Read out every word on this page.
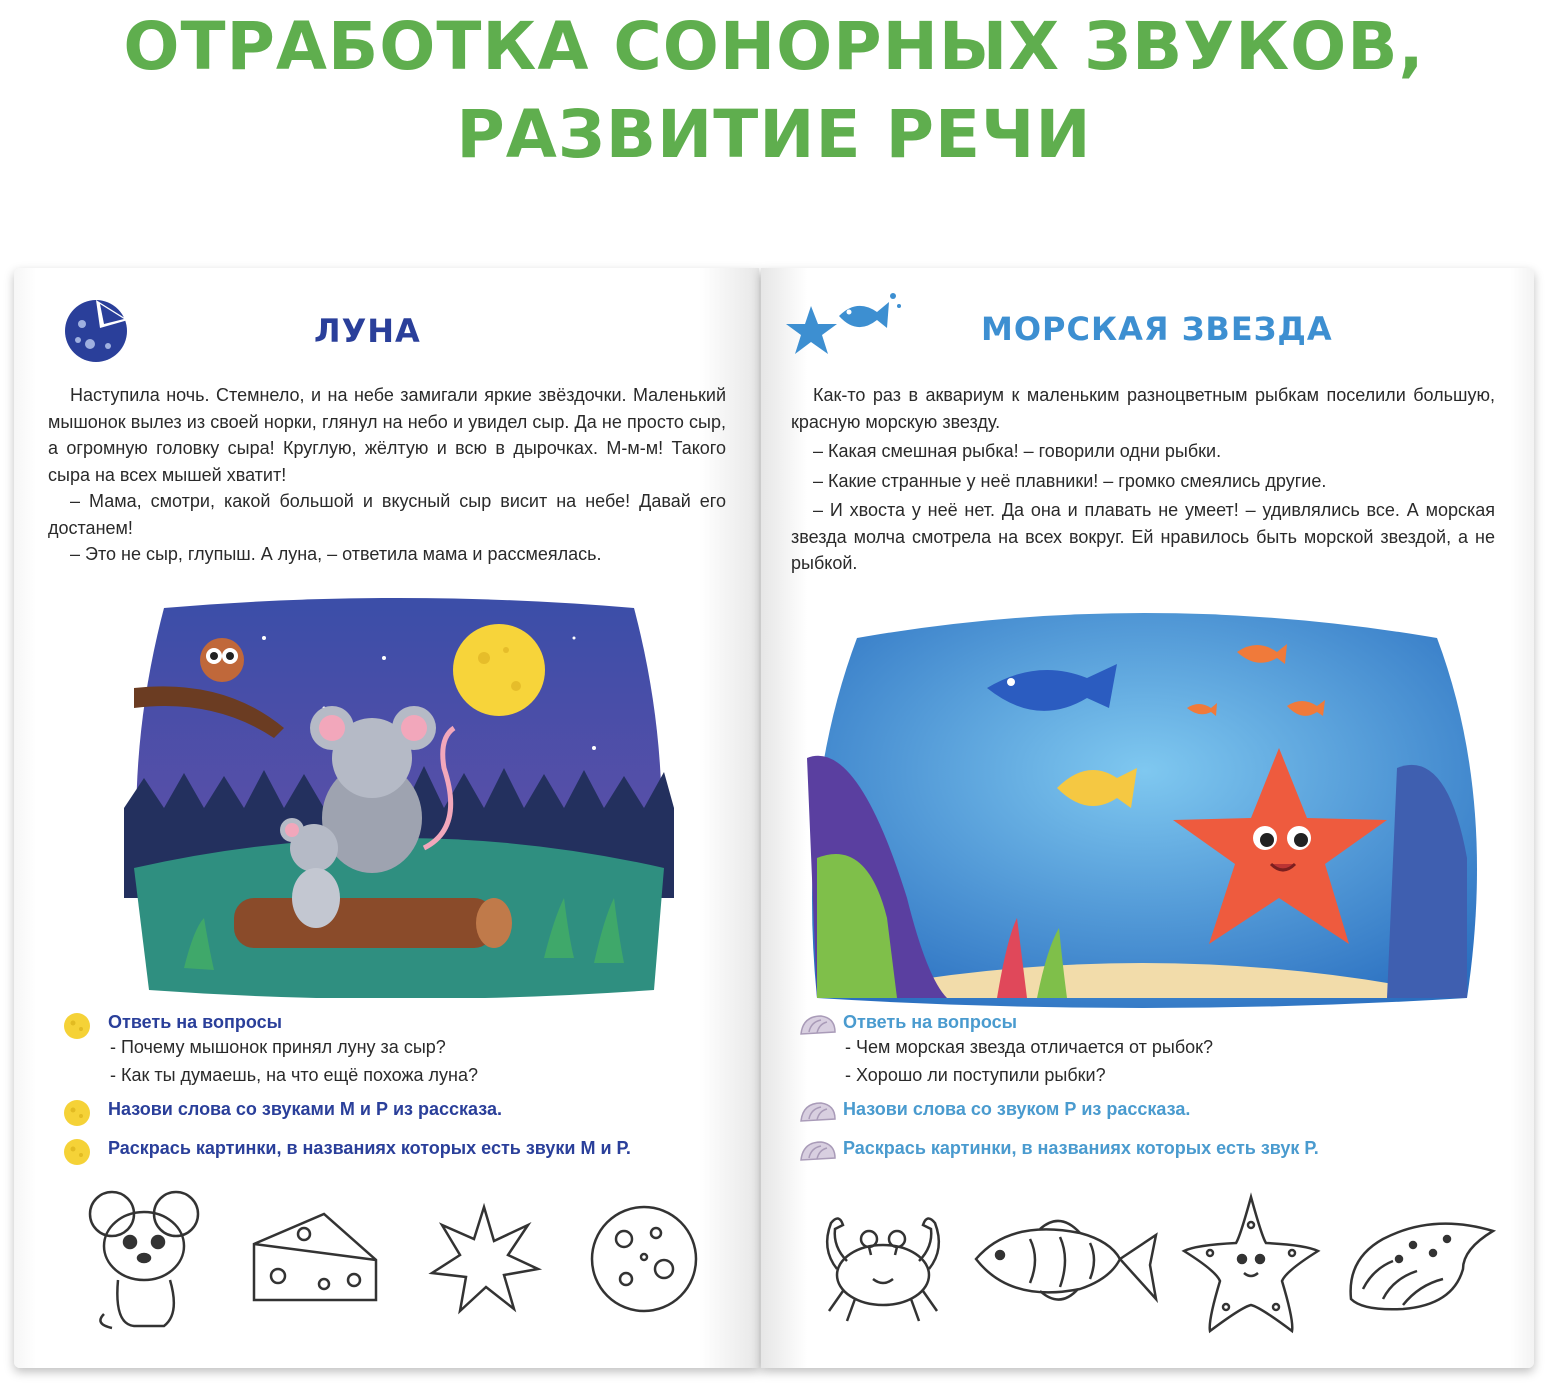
ОТРАБОТКА СОНОРНЫХ ЗВУКОВ,
РАЗВИТИЕ РЕЧИ
ЛУНА

Наступила ночь. Стемнело, и на небе замигали яркие звёздочки. Маленький мышонок вылез из своей норки, глянул на небо и увидел сыр. Да не просто сыр, а огромную головку сыра! Круглую, жёлтую и всю в дырочках. М-м-м! Такого сыра на всех мышей хватит!

– Мама, смотри, какой большой и вкусный сыр висит на небе! Давай его достанем!

– Это не сыр, глупыш. А луна, – ответила мама и рассмеялась.

Ответь на вопросы
- Почему мышонок принял луну за сыр?
- Как ты думаешь, на что ещё похожа луна?
Назови слова со звуками М и Р из рассказа.
Раскрась картинки, в названиях которых есть звуки М и Р.
МОРСКАЯ ЗВЕЗДА

Как-то раз в аквариум к маленьким разноцветным рыбкам поселили большую, красную морскую звезду.

– Какая смешная рыбка! – говорили одни рыбки.

– Какие странные у неё плавники! – громко смеялись другие.

– И хвоста у неё нет. Да она и плавать не умеет! – удивлялись все. А морская звезда молча смотрела на всех вокруг. Ей нравилось быть морской звездой, а не рыбкой.

Ответь на вопросы
- Чем морская звезда отличается от рыбок?
- Хорошо ли поступили рыбки?
Назови слова со звуком Р из рассказа.
Раскрась картинки, в названиях которых есть звук Р.
